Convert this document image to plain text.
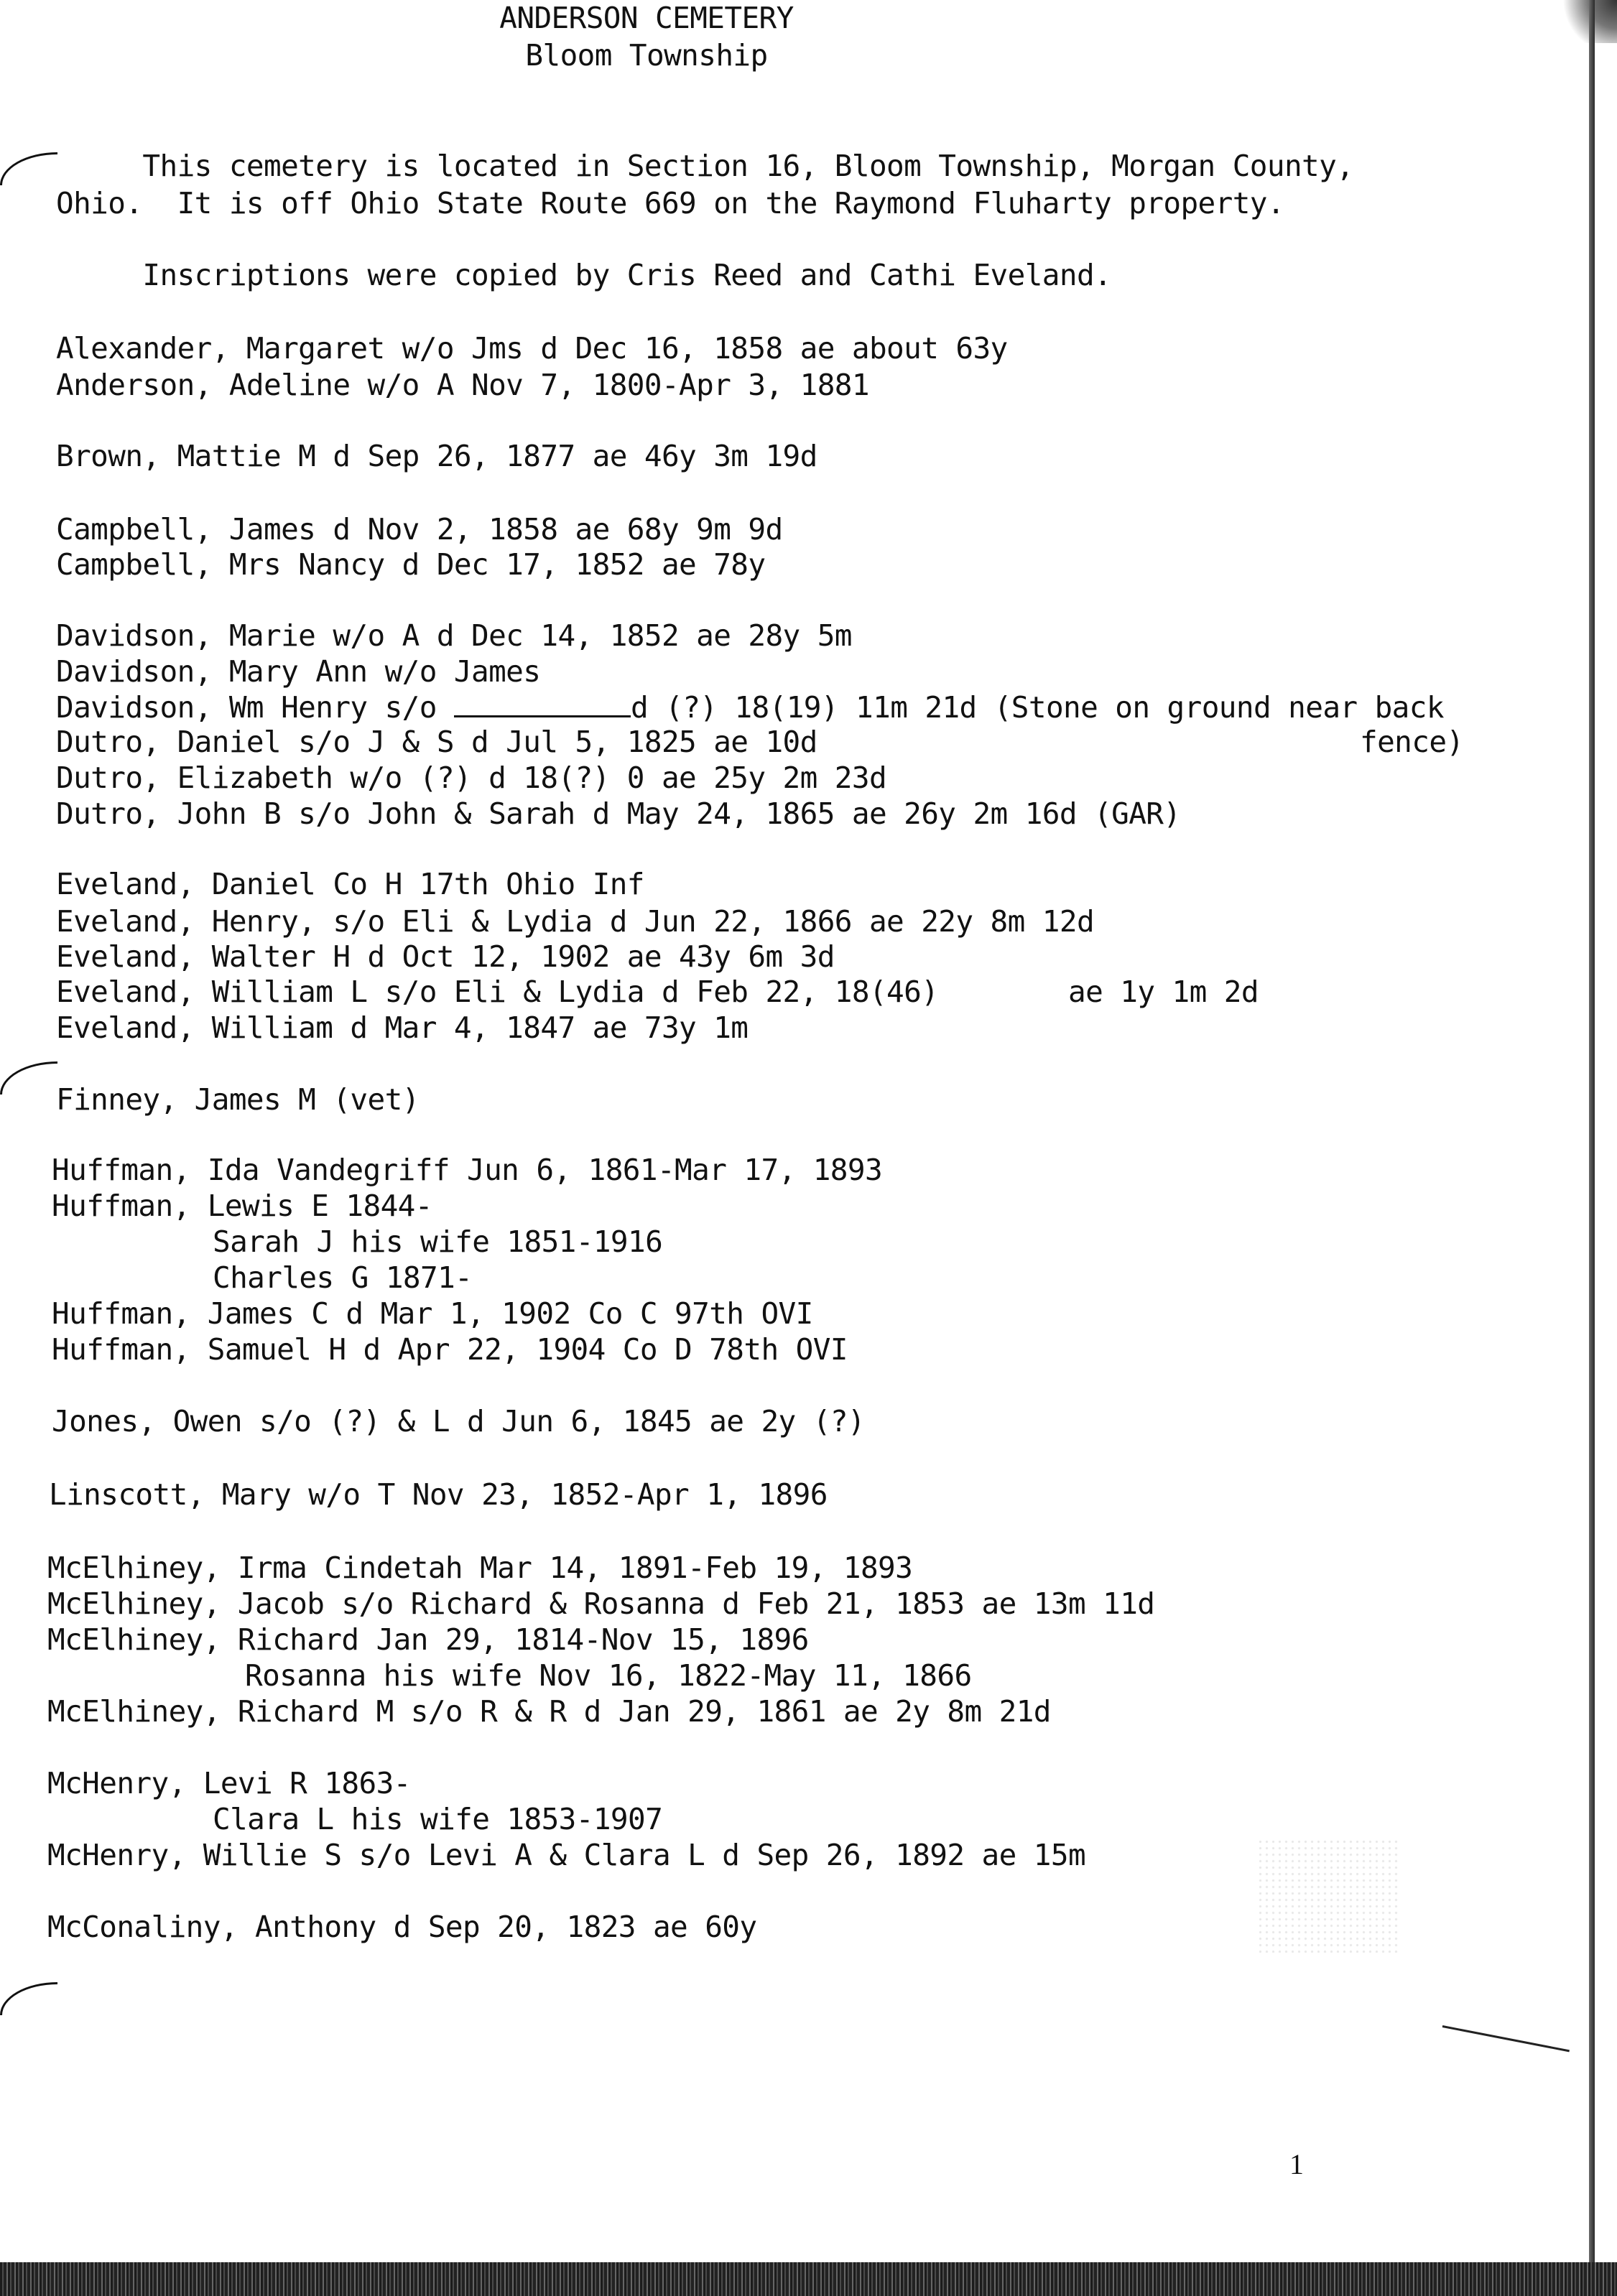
ANDERSON CEMETERY
Bloom Township
This cemetery is located in Section 16, Bloom Township, Morgan County,
Ohio.  It is off Ohio State Route 669 on the Raymond Fluharty property.
Inscriptions were copied by Cris Reed and Cathi Eveland.
Alexander, Margaret w/o Jms d Dec 16, 1858 ae about 63y
Anderson, Adeline w/o A Nov 7, 1800-Apr 3, 1881
Brown, Mattie M d Sep 26, 1877 ae 46y 3m 19d
Campbell, James d Nov 2, 1858 ae 68y 9m 9d
Campbell, Mrs Nancy d Dec 17, 1852 ae 78y
Davidson, Marie w/o A d Dec 14, 1852 ae 28y 5m
Davidson, Mary Ann w/o James
Davidson, Wm Henry s/o	d (?) 18(19) 11m 21d (Stone on ground near back
Dutro, Daniel s/o J & S d Jul 5, 1825 ae 10d	fence)
Dutro, Elizabeth w/o (?) d 18(?) 0 ae 25y 2m 23d
Dutro, John B s/o John & Sarah d May 24, 1865 ae 26y 2m 16d (GAR)
Eveland, Daniel Co H 17th Ohio Inf
Eveland, Henry, s/o Eli & Lydia d Jun 22, 1866 ae 22y 8m 12d
Eveland, Walter H d Oct 12, 1902 ae 43y 6m 3d
Eveland, William L s/o Eli & Lydia d Feb 22, 18(46)	ae 1y 1m 2d
Eveland, William d Mar 4, 1847 ae 73y 1m
Finney, James M (vet)
Huffman, Ida Vandegriff Jun 6, 1861-Mar 17, 1893
Huffman, Lewis E 1844-
Sarah J his wife 1851-1916
Charles G 1871-
Huffman, James C d Mar 1, 1902 Co C 97th OVI
Huffman, Samuel H d Apr 22, 1904 Co D 78th OVI
Jones, Owen s/o (?) & L d Jun 6, 1845 ae 2y (?)
Linscott, Mary w/o T Nov 23, 1852-Apr 1, 1896
McElhiney, Irma Cindetah Mar 14, 1891-Feb 19, 1893
McElhiney, Jacob s/o Richard & Rosanna d Feb 21, 1853 ae 13m 11d
McElhiney, Richard Jan 29, 1814-Nov 15, 1896
Rosanna his wife Nov 16, 1822-May 11, 1866
McElhiney, Richard M s/o R & R d Jan 29, 1861 ae 2y 8m 21d
McHenry, Levi R 1863-
Clara L his wife 1853-1907
McHenry, Willie S s/o Levi A & Clara L d Sep 26, 1892 ae 15m
McConaliny, Anthony d Sep 20, 1823 ae 60y
1
